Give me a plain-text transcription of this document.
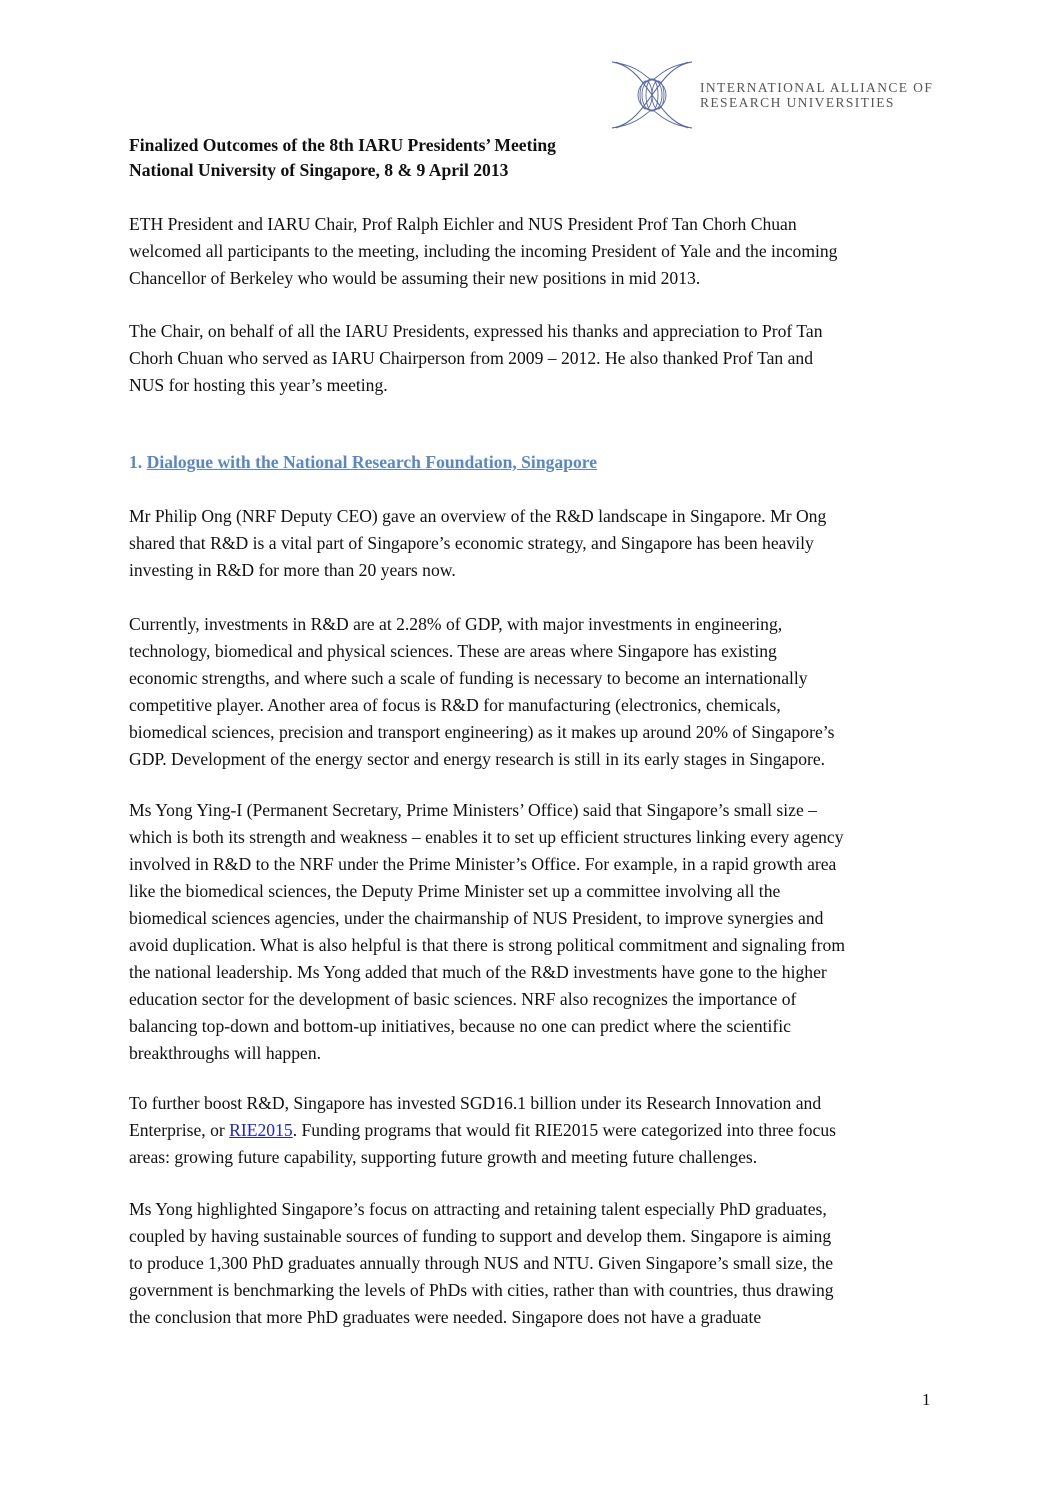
INTERNATIONAL ALLIANCE OF
RESEARCH UNIVERSITIES
Finalized Outcomes of the 8th IARU Presidents’ Meeting
National University of Singapore, 8 & 9 April 2013
ETH President and IARU Chair, Prof Ralph Eichler and NUS President Prof Tan Chorh Chuan
welcomed all participants to the meeting, including the incoming President of Yale and the incoming
Chancellor of Berkeley who would be assuming their new positions in mid 2013.
The Chair, on behalf of all the IARU Presidents, expressed his thanks and appreciation to Prof Tan
Chorh Chuan who served as IARU Chairperson from 2009 – 2012. He also thanked Prof Tan and
NUS for hosting this year’s meeting.
1. Dialogue with the National Research Foundation, Singapore
Mr Philip Ong (NRF Deputy CEO) gave an overview of the R&D landscape in Singapore. Mr Ong
shared that R&D is a vital part of Singapore’s economic strategy, and Singapore has been heavily
investing in R&D for more than 20 years now.
Currently, investments in R&D are at 2.28% of GDP, with major investments in engineering,
technology, biomedical and physical sciences. These are areas where Singapore has existing
economic strengths, and where such a scale of funding is necessary to become an internationally
competitive player. Another area of focus is R&D for manufacturing (electronics, chemicals,
biomedical sciences, precision and transport engineering) as it makes up around 20% of Singapore’s
GDP. Development of the energy sector and energy research is still in its early stages in Singapore.
Ms Yong Ying-I (Permanent Secretary, Prime Ministers’ Office) said that Singapore’s small size –
which is both its strength and weakness – enables it to set up efficient structures linking every agency
involved in R&D to the NRF under the Prime Minister’s Office. For example, in a rapid growth area
like the biomedical sciences, the Deputy Prime Minister set up a committee involving all the
biomedical sciences agencies, under the chairmanship of NUS President, to improve synergies and
avoid duplication. What is also helpful is that there is strong political commitment and signaling from
the national leadership. Ms Yong added that much of the R&D investments have gone to the higher
education sector for the development of basic sciences. NRF also recognizes the importance of
balancing top-down and bottom-up initiatives, because no one can predict where the scientific
breakthroughs will happen.
To further boost R&D, Singapore has invested SGD16.1 billion under its Research Innovation and
Enterprise, or RIE2015. Funding programs that would fit RIE2015 were categorized into three focus
areas: growing future capability, supporting future growth and meeting future challenges.
Ms Yong highlighted Singapore’s focus on attracting and retaining talent especially PhD graduates,
coupled by having sustainable sources of funding to support and develop them. Singapore is aiming
to produce 1,300 PhD graduates annually through NUS and NTU. Given Singapore’s small size, the
government is benchmarking the levels of PhDs with cities, rather than with countries, thus drawing
the conclusion that more PhD graduates were needed. Singapore does not have a graduate
1
